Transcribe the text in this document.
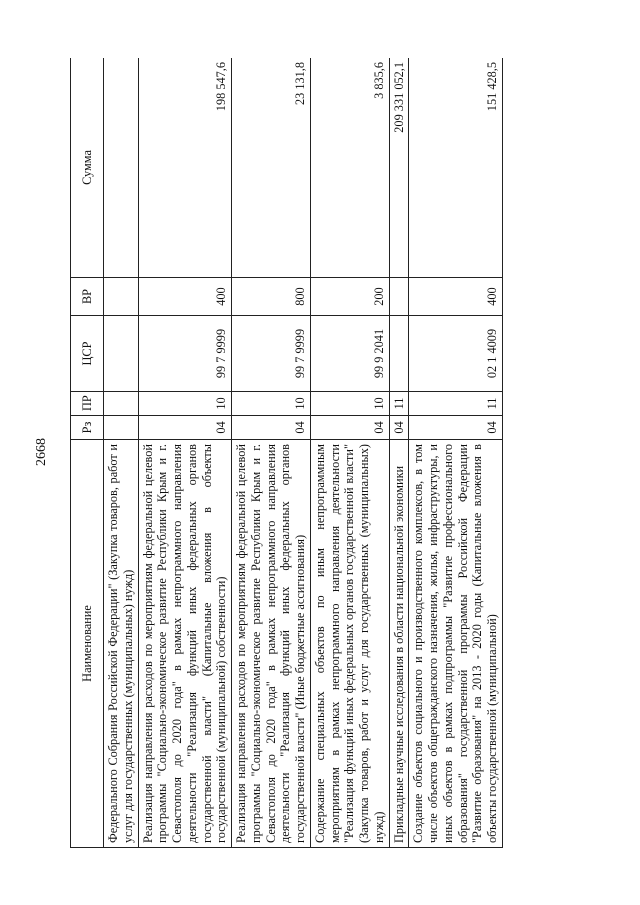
2668
Наименование	Рз	ПР	ЦСР	ВР	Сумма
Федерального Собрания Российской Федерации" (Закупка товаров, работ и услуг для государственных (муниципальных) нужд)					
Реализация направления расходов по мероприятиям федеральной целевой программы "Социально-экономическое развитие Республики Крым и г. Севастополя до 2020 года" в рамках непрограммного направления деятельности "Реализация функций иных федеральных органов государственной власти" (Капитальные вложения в объекты государственной (муниципальной) собственности)	04	10	99 7 9999	400	198 547,6
Реализация направления расходов по мероприятиям федеральной целевой программы "Социально-экономическое развитие Республики Крым и г. Севастополя до 2020 года" в рамках непрограммного направления деятельности "Реализация функций иных федеральных органов государственной власти" (Иные бюджетные ассигнования)	04	10	99 7 9999	800	23 131,8
Содержание специальных объектов по иным непрограммным мероприятиям в рамках непрограммного направления деятельности "Реализация функций иных федеральных органов государственной власти" (Закупка товаров, работ и услуг для государственных (муниципальных) нужд)	04	10	99 9 2041	200	3 835,6
Прикладные научные исследования в области национальной экономики	04	11			209 331 052,1
Создание объектов социального и производственного комплексов, в том числе объектов общегражданского назначения, жилья, инфраструктуры, и иных объектов в рамках подпрограммы "Развитие профессионального образования" государственной программы Российской Федерации "Развитие образования" на 2013 - 2020 годы (Капитальные вложения в объекты государственной (муниципальной)	04	11	02 1 4009	400	151 428,5
